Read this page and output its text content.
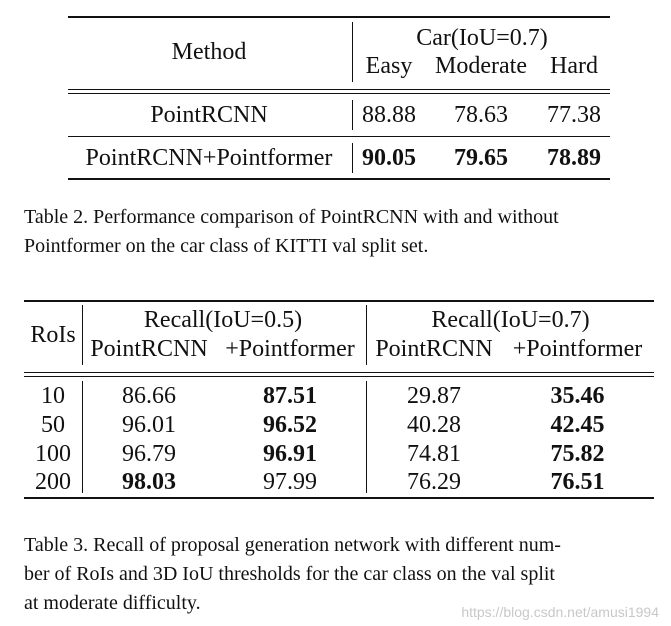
Method
Car(IoU=0.7)
Easy Moderate Hard
PointRCNN	88.88	78.63	77.38
PointRCNN+Pointformer	90.05	79.65	78.89
Table 2. Performance comparison of PointRCNN with and without
Pointformer on the car class of KITTI val split set.
RoIs
Recall(IoU=0.5)	Recall(IoU=0.7)
PointRCNN +Pointformer PointRCNN +Pointformer
10	86.66	87.51	29.87	35.46
50	96.01	96.52	40.28	42.45
100	96.79	96.91	74.81	75.82
200	98.03	97.99	76.29	76.51
Table 3. Recall of proposal generation network with different num-
ber of RoIs and 3D IoU thresholds for the car class on the val split
at moderate difficulty.	https://blog.csdn.net/amusi1994
